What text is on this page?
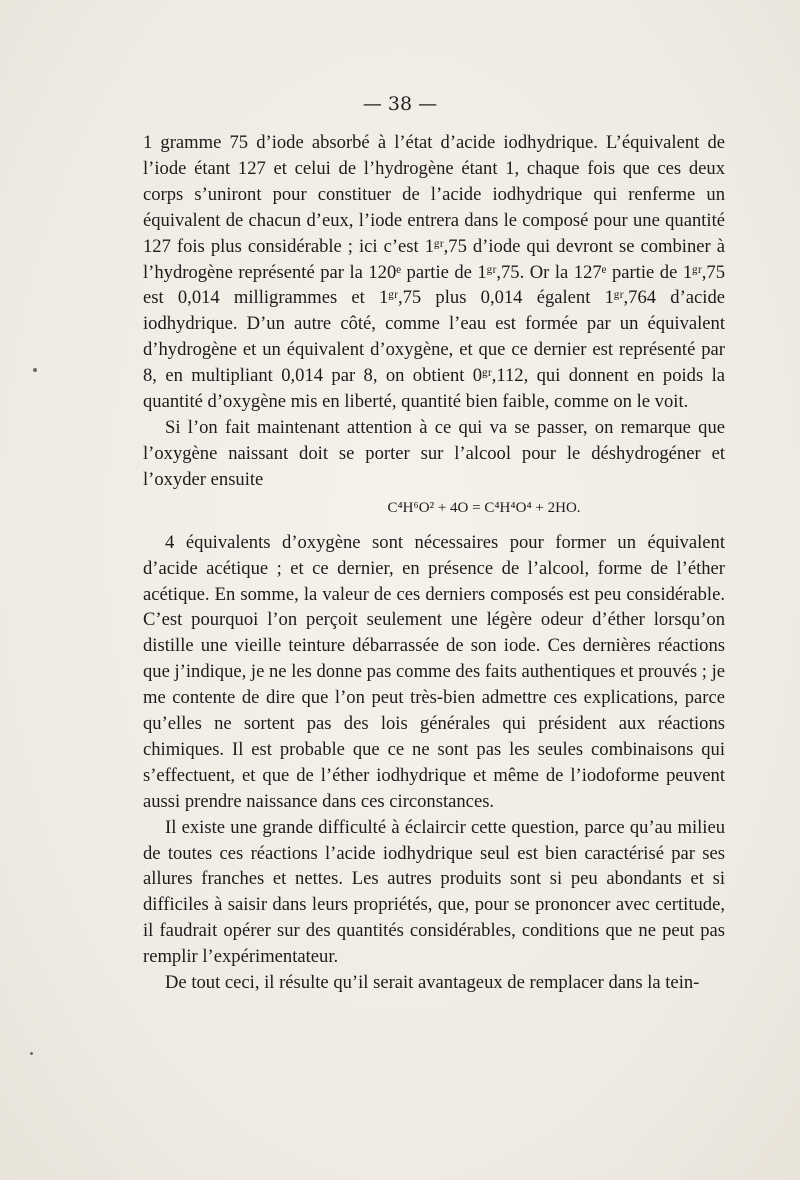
— 38 —

1 gramme 75 d’iode absorbé à l’état d’acide iodhydrique. L’équivalent de l’iode étant 127 et celui de l’hydrogène étant 1, chaque fois que ces deux corps s’uniront pour constituer de l’acide iodhydrique qui renferme un équivalent de chacun d’eux, l’iode entrera dans le composé pour une quantité 127 fois plus considérable ; ici c’est 1ᵍʳ,75 d’iode qui devront se combiner à l’hydrogène représenté par la 120ᵉ partie de 1ᵍʳ,75. Or la 127ᵉ partie de 1ᵍʳ,75 est 0,014 milligrammes et 1ᵍʳ,75 plus 0,014 égalent 1ᵍʳ,764 d’acide iodhydrique. D’un autre côté, comme l’eau est formée par un équivalent d’hydrogène et un équivalent d’oxygène, et que ce dernier est représenté par 8, en multipliant 0,014 par 8, on obtient 0ᵍʳ,112, qui donnent en poids la quantité d’oxygène mis en liberté, quantité bien faible, comme on le voit.

Si l’on fait maintenant attention à ce qui va se passer, on remarque que l’oxygène naissant doit se porter sur l’alcool pour le déshydrogéner et l’oxyder ensuite

C⁴H⁶O² + 4O = C⁴H⁴O⁴ + 2HO.

4 équivalents d’oxygène sont nécessaires pour former un équivalent d’acide acétique ; et ce dernier, en présence de l’alcool, forme de l’éther acétique. En somme, la valeur de ces derniers composés est peu considérable. C’est pourquoi l’on perçoit seulement une légère odeur d’éther lorsqu’on distille une vieille teinture débarrassée de son iode. Ces dernières réactions que j’indique, je ne les donne pas comme des faits authentiques et prouvés ; je me contente de dire que l’on peut très-bien admettre ces explications, parce qu’elles ne sortent pas des lois générales qui président aux réactions chimiques. Il est probable que ce ne sont pas les seules combinaisons qui s’effectuent, et que de l’éther iodhydrique et même de l’iodoforme peuvent aussi prendre naissance dans ces circonstances.

Il existe une grande difficulté à éclaircir cette question, parce qu’au milieu de toutes ces réactions l’acide iodhydrique seul est bien caractérisé par ses allures franches et nettes. Les autres produits sont si peu abondants et si difficiles à saisir dans leurs propriétés, que, pour se prononcer avec certitude, il faudrait opérer sur des quantités considérables, conditions que ne peut pas remplir l’expérimentateur.

De tout ceci, il résulte qu’il serait avantageux de remplacer dans la tein-
